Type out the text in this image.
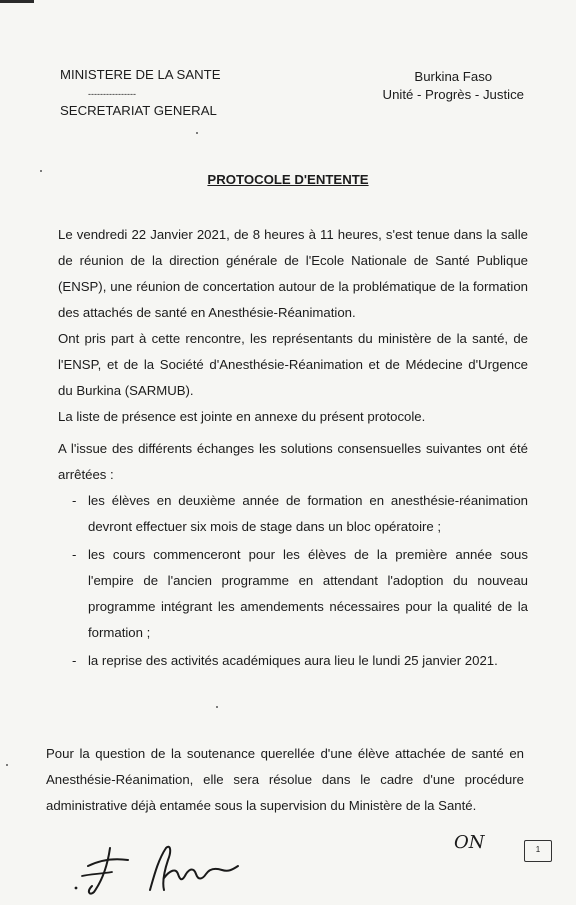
MINISTERE DE LA SANTE
----------------
SECRETARIAT GENERAL
Burkina Faso
Unité - Progrès - Justice
PROTOCOLE D'ENTENTE

Le vendredi 22 Janvier 2021, de 8 heures à 11 heures, s'est tenue dans la salle de réunion de la direction générale de l'Ecole Nationale de Santé Publique (ENSP), une réunion de concertation autour de la problématique de la formation des attachés de santé en Anesthésie-Réanimation.

Ont pris part à cette rencontre, les représentants du ministère de la santé, de l'ENSP, et de la Société d'Anesthésie-Réanimation et de Médecine d'Urgence du Burkina (SARMUB).

La liste de présence est jointe en annexe du présent protocole.

A l'issue des différents échanges les solutions consensuelles suivantes ont été arrêtées :

- les élèves en deuxième année de formation en anesthésie-réanimation devront effectuer six mois de stage dans un bloc opératoire ;
- les cours commenceront pour les élèves de la première année sous l'empire de l'ancien programme en attendant l'adoption du nouveau programme intégrant les amendements nécessaires pour la qualité de la formation ;
- la reprise des activités académiques aura lieu le lundi 25 janvier 2021.

Pour la question de la soutenance querellée d'une élève attachée de santé en Anesthésie-Réanimation, elle sera résolue dans le cadre d'une procédure administrative déjà entamée sous la supervision du Ministère de la Santé.

ON	1
